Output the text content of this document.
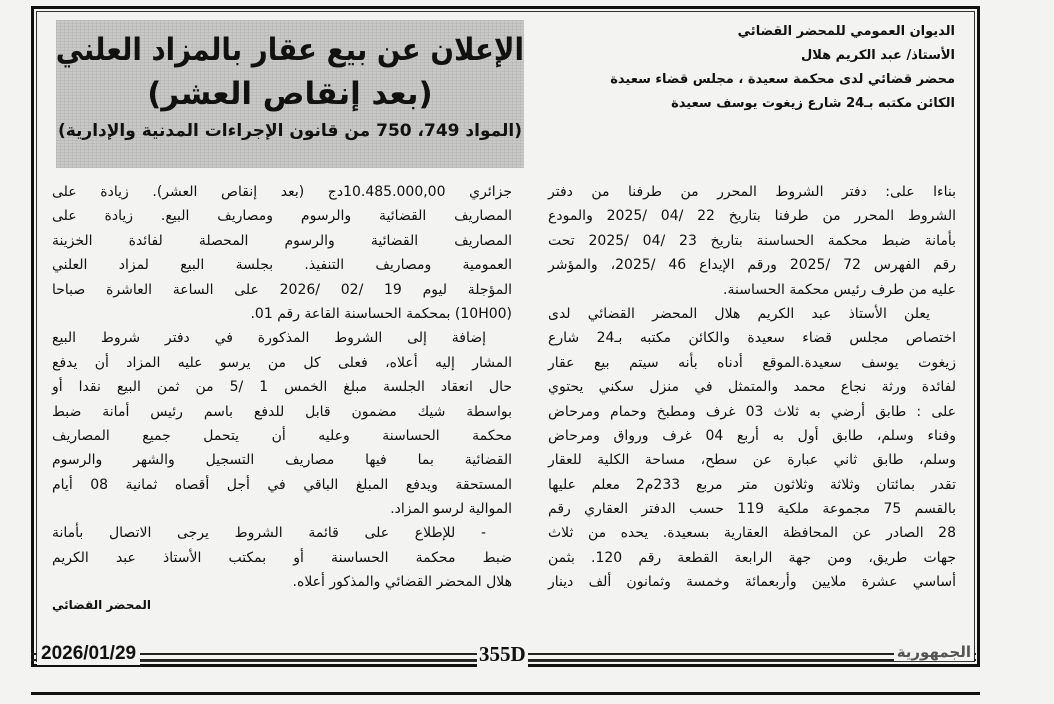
الإعلان عن بيع عقار بالمزاد العلني
(بعد إنقاص العشر)
(المواد 749، 750 من قانون الإجراءات المدنية والإدارية)
الديوان العمومي للمحضر القضائي
الأستاذ/ عبد الكريم هلال
محضر قضائي لدى محكمة سعيدة ، مجلس قضاء سعيدة
الكائن مكتبه بـ24 شارع زيغوت يوسف سعيدة
بناءا على: دفتر الشروط المحرر من طرفنا من دفتر
الشروط المحرر من طرفنا بتاريخ 22 /04 /2025 والمودع
بأمانة ضبط محكمة الحساسنة بتاريخ 23 /04 /2025 تحت
رقم الفهرس 72 /2025 ورقم الإيداع 46 /2025، والمؤشر
عليه من طرف رئيس محكمة الحساسنة.
يعلن الأستاذ عبد الكريم هلال المحضر القضائي لدى
اختصاص مجلس قضاء سعيدة والكائن مكتبه بـ24 شارع
زيغوت يوسف سعيدة.الموقع أدناه بأنه سيتم بيع عقار
لفائدة ورثة نجاع محمد والمتمثل في منزل سكني يحتوي
على : طابق أرضي به ثلاث 03 غرف ومطبخ وحمام ومرحاض
وفناء وسلم، طابق أول به أربع 04 غرف ورواق ومرحاض
وسلم، طابق ثاني عبارة عن سطح، مساحة الكلية للعقار
تقدر بمائتان وثلاثة وثلاثون متر مربع 233م2 معلم عليها
بالقسم 75 مجموعة ملكية 119 حسب الدفتر العقاري رقم
28 الصادر عن المحافظة العقارية بسعيدة. يحده من ثلاث
جهات طريق، ومن جهة الرابعة القطعة رقم 120. بثمن
أساسي عشرة ملايين وأربعمائة وخمسة وثمانون ألف دينار
جزائري 10.485.000,00دج (بعد إنقاص العشر). زيادة على
المصاريف القضائية والرسوم ومصاريف البيع. زيادة على
المصاريف القضائية والرسوم المحصلة لفائدة الخزينة
العمومية ومصاريف التنفيذ. بجلسة البيع لمزاد العلني
المؤجلة ليوم 19 /02 /2026 على الساعة العاشرة صباحا
(10H00) بمحكمة الحساسنة القاعة رقم 01.
إضافة إلى الشروط المذكورة في دفتر شروط البيع
المشار إليه أعلاه، فعلى كل من يرسو عليه المزاد أن يدفع
حال انعقاد الجلسة مبلغ الخمس 1 /5 من ثمن البيع نقدا أو
بواسطة شيك مضمون قابل للدفع باسم رئيس أمانة ضبط
محكمة الحساسنة وعليه أن يتحمل جميع المصاريف
القضائية بما فيها مصاريف التسجيل والشهر والرسوم
المستحقة ويدفع المبلغ الباقي في أجل أقصاه ثمانية 08 أيام
الموالية لرسو المزاد.
- للإطلاع على قائمة الشروط يرجى الاتصال بأمانة
ضبط محكمة الحساسنة أو بمكتب الأستاذ عبد الكريم
هلال المحضر القضائي والمذكور أعلاه.
المحضر القضائي
2026/01/29	355D	الجمهورية
